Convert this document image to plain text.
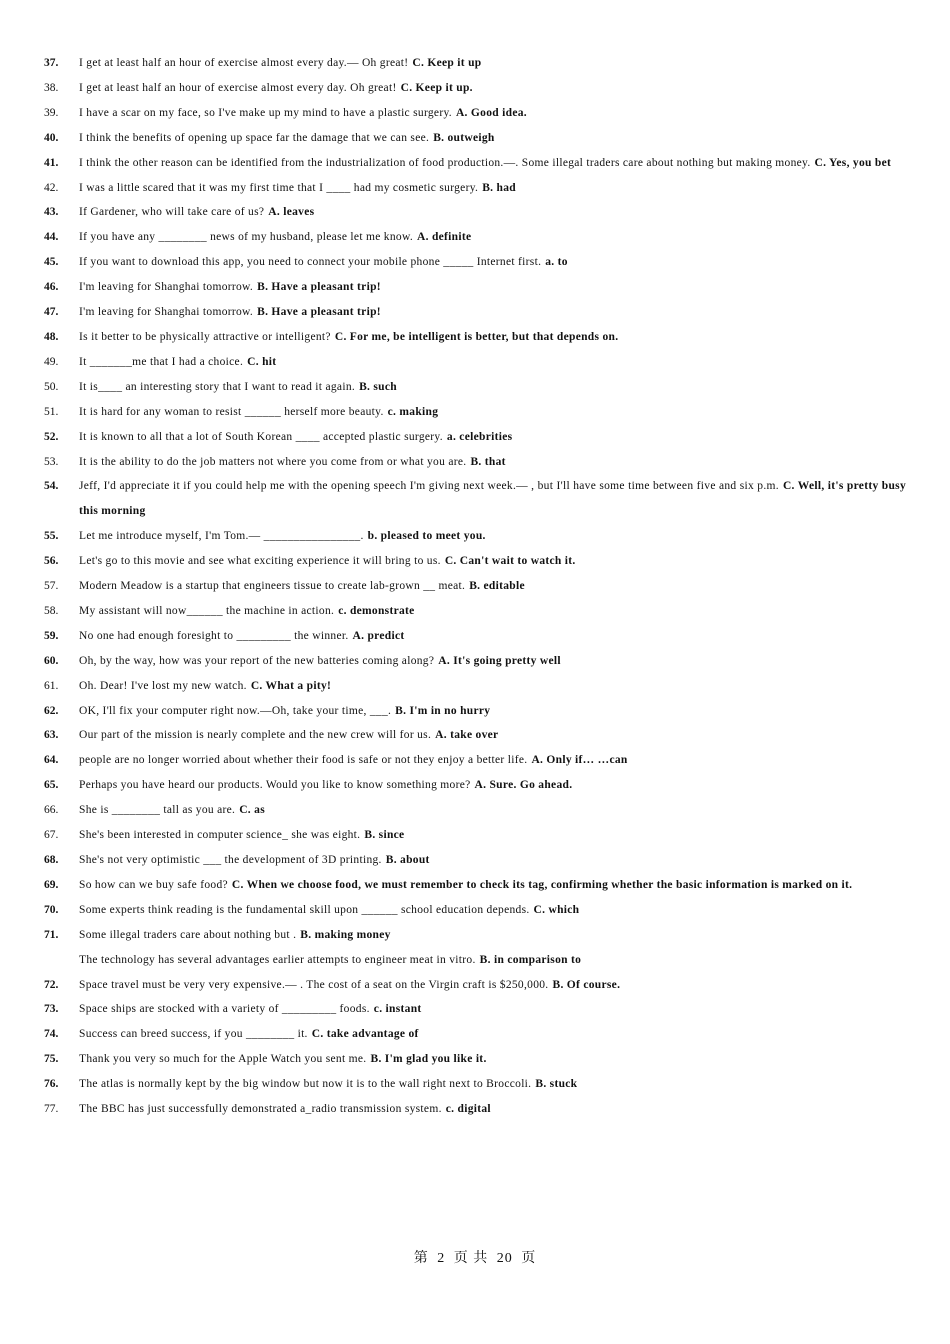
37.	I get at least half an hour of exercise almost every day.— Oh great! C. Keep it up
38.	I get at least half an hour of exercise almost every day. Oh great! C. Keep it up.
39.	I have a scar on my face, so I've make up my mind to have a plastic surgery. A. Good idea.
40.	I think the benefits of opening up space far the damage that we can see. B. outweigh
41.	I think the other reason can be identified from the industrialization of food production.—. Some illegal traders care about nothing but making money. C. Yes, you bet
42.	I was a little scared that it was my first time that I ____ had my cosmetic surgery. B. had
43.	If Gardener, who will take care of us? A. leaves
44.	If you have any ________ news of my husband, please let me know. A. definite
45.	If you want to download this app, you need to connect your mobile phone _____ Internet first. a. to
46.	I'm leaving for Shanghai tomorrow. B. Have a pleasant trip!
47.	I'm leaving for Shanghai tomorrow. B. Have a pleasant trip!
48.	Is it better to be physically attractive or intelligent? C. For me, be intelligent is better, but that depends on.
49.	It _______me that I had a choice. C. hit
50.	It is____ an interesting story that I want to read it again. B. such
51.	It is hard for any woman to resist ______ herself more beauty. c. making
52.	It is known to all that a lot of South Korean ____ accepted plastic surgery. a. celebrities
53.	It is the ability to do the job matters not where you come from or what you are. B. that
54.	Jeff, I'd appreciate it if you could help me with the opening speech I'm giving next week.— , but I'll have some time between five and six p.m. C. Well, it's pretty busy this morning
55.	Let me introduce myself, I'm Tom.— ________________. b. pleased to meet you.
56.	Let's go to this movie and see what exciting experience it will bring to us. C. Can't wait to watch it.
57.	Modern Meadow is a startup that engineers tissue to create lab-grown __ meat. B. editable
58.	My assistant will now______ the machine in action. c. demonstrate
59.	No one had enough foresight to _________ the winner. A. predict
60.	Oh, by the way, how was your report of the new batteries coming along? A. It's going pretty well
61.	Oh. Dear! I've lost my new watch. C. What a pity!
62.	OK, I'll fix your computer right now.—Oh, take your time, ___. B. I'm in no hurry
63.	Our part of the mission is nearly complete and the new crew will for us. A. take over
64.	people are no longer worried about whether their food is safe or not they enjoy a better life. A. Only if… …can
65.	Perhaps you have heard our products. Would you like to know something more? A. Sure. Go ahead.
66.	She is ________ tall as you are. C. as
67.	She's been interested in computer science_ she was eight. B. since
68.	She's not very optimistic ___ the development of 3D printing. B. about
69.	So how can we buy safe food? C. When we choose food, we must remember to check its tag, confirming whether the basic information is marked on it.
70.	Some experts think reading is the fundamental skill upon ______ school education depends. C. which
71.	Some illegal traders care about nothing but . B. making money
The technology has several advantages earlier attempts to engineer meat in vitro. B. in comparison to
72.	Space travel must be very very expensive.— . The cost of a seat on the Virgin craft is $250,000. B. Of course.
73.	Space ships are stocked with a variety of _________ foods. c. instant
74.	Success can breed success, if you ________ it. C. take advantage of
75.	Thank you very so much for the Apple Watch you sent me. B. I'm glad you like it.
76.	The atlas is normally kept by the big window but now it is to the wall right next to Broccoli. B. stuck
77.	The BBC has just successfully demonstrated a_radio transmission system. c. digital
第 2 页 共 20 页
